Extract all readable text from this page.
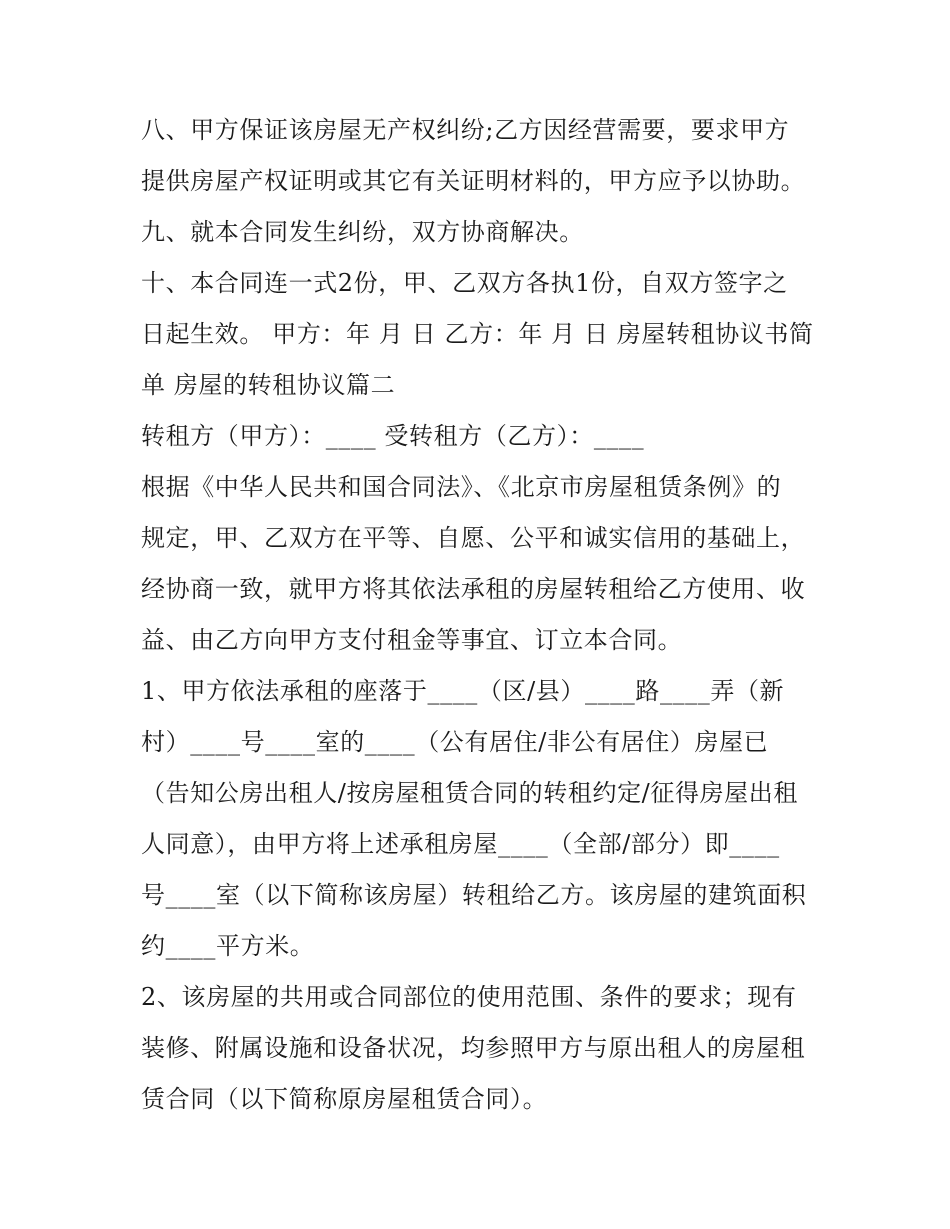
八、甲方保证该房屋无产权纠纷;乙方因经营需要，要求甲方
提供房屋产权证明或其它有关证明材料的，甲方应予以协助。
九、就本合同发生纠纷，双方协商解决。
十、本合同连一式2份，甲、乙双方各执1份，自双方签字之
日起生效。 甲方：年 月 日 乙方：年 月 日 房屋转租协议书简
单 房屋的转租协议篇二
转租方（甲方）：____ 受转租方（乙方）：____
根据《中华人民共和国合同法》、《北京市房屋租赁条例》的
规定，甲、乙双方在平等、自愿、公平和诚实信用的基础上，
经协商一致，就甲方将其依法承租的房屋转租给乙方使用、收
益、由乙方向甲方支付租金等事宜、订立本合同。
1、甲方依法承租的座落于____（区/县）____路____弄（新
村）____号____室的____（公有居住/非公有居住）房屋已
（告知公房出租人/按房屋租赁合同的转租约定/征得房屋出租
人同意），由甲方将上述承租房屋____（全部/部分）即____
号____室（以下简称该房屋）转租给乙方。该房屋的建筑面积
约____平方米。
2、该房屋的共用或合同部位的使用范围、条件的要求；现有
装修、附属设施和设备状况，均参照甲方与原出租人的房屋租
赁合同（以下简称原房屋租赁合同）。
